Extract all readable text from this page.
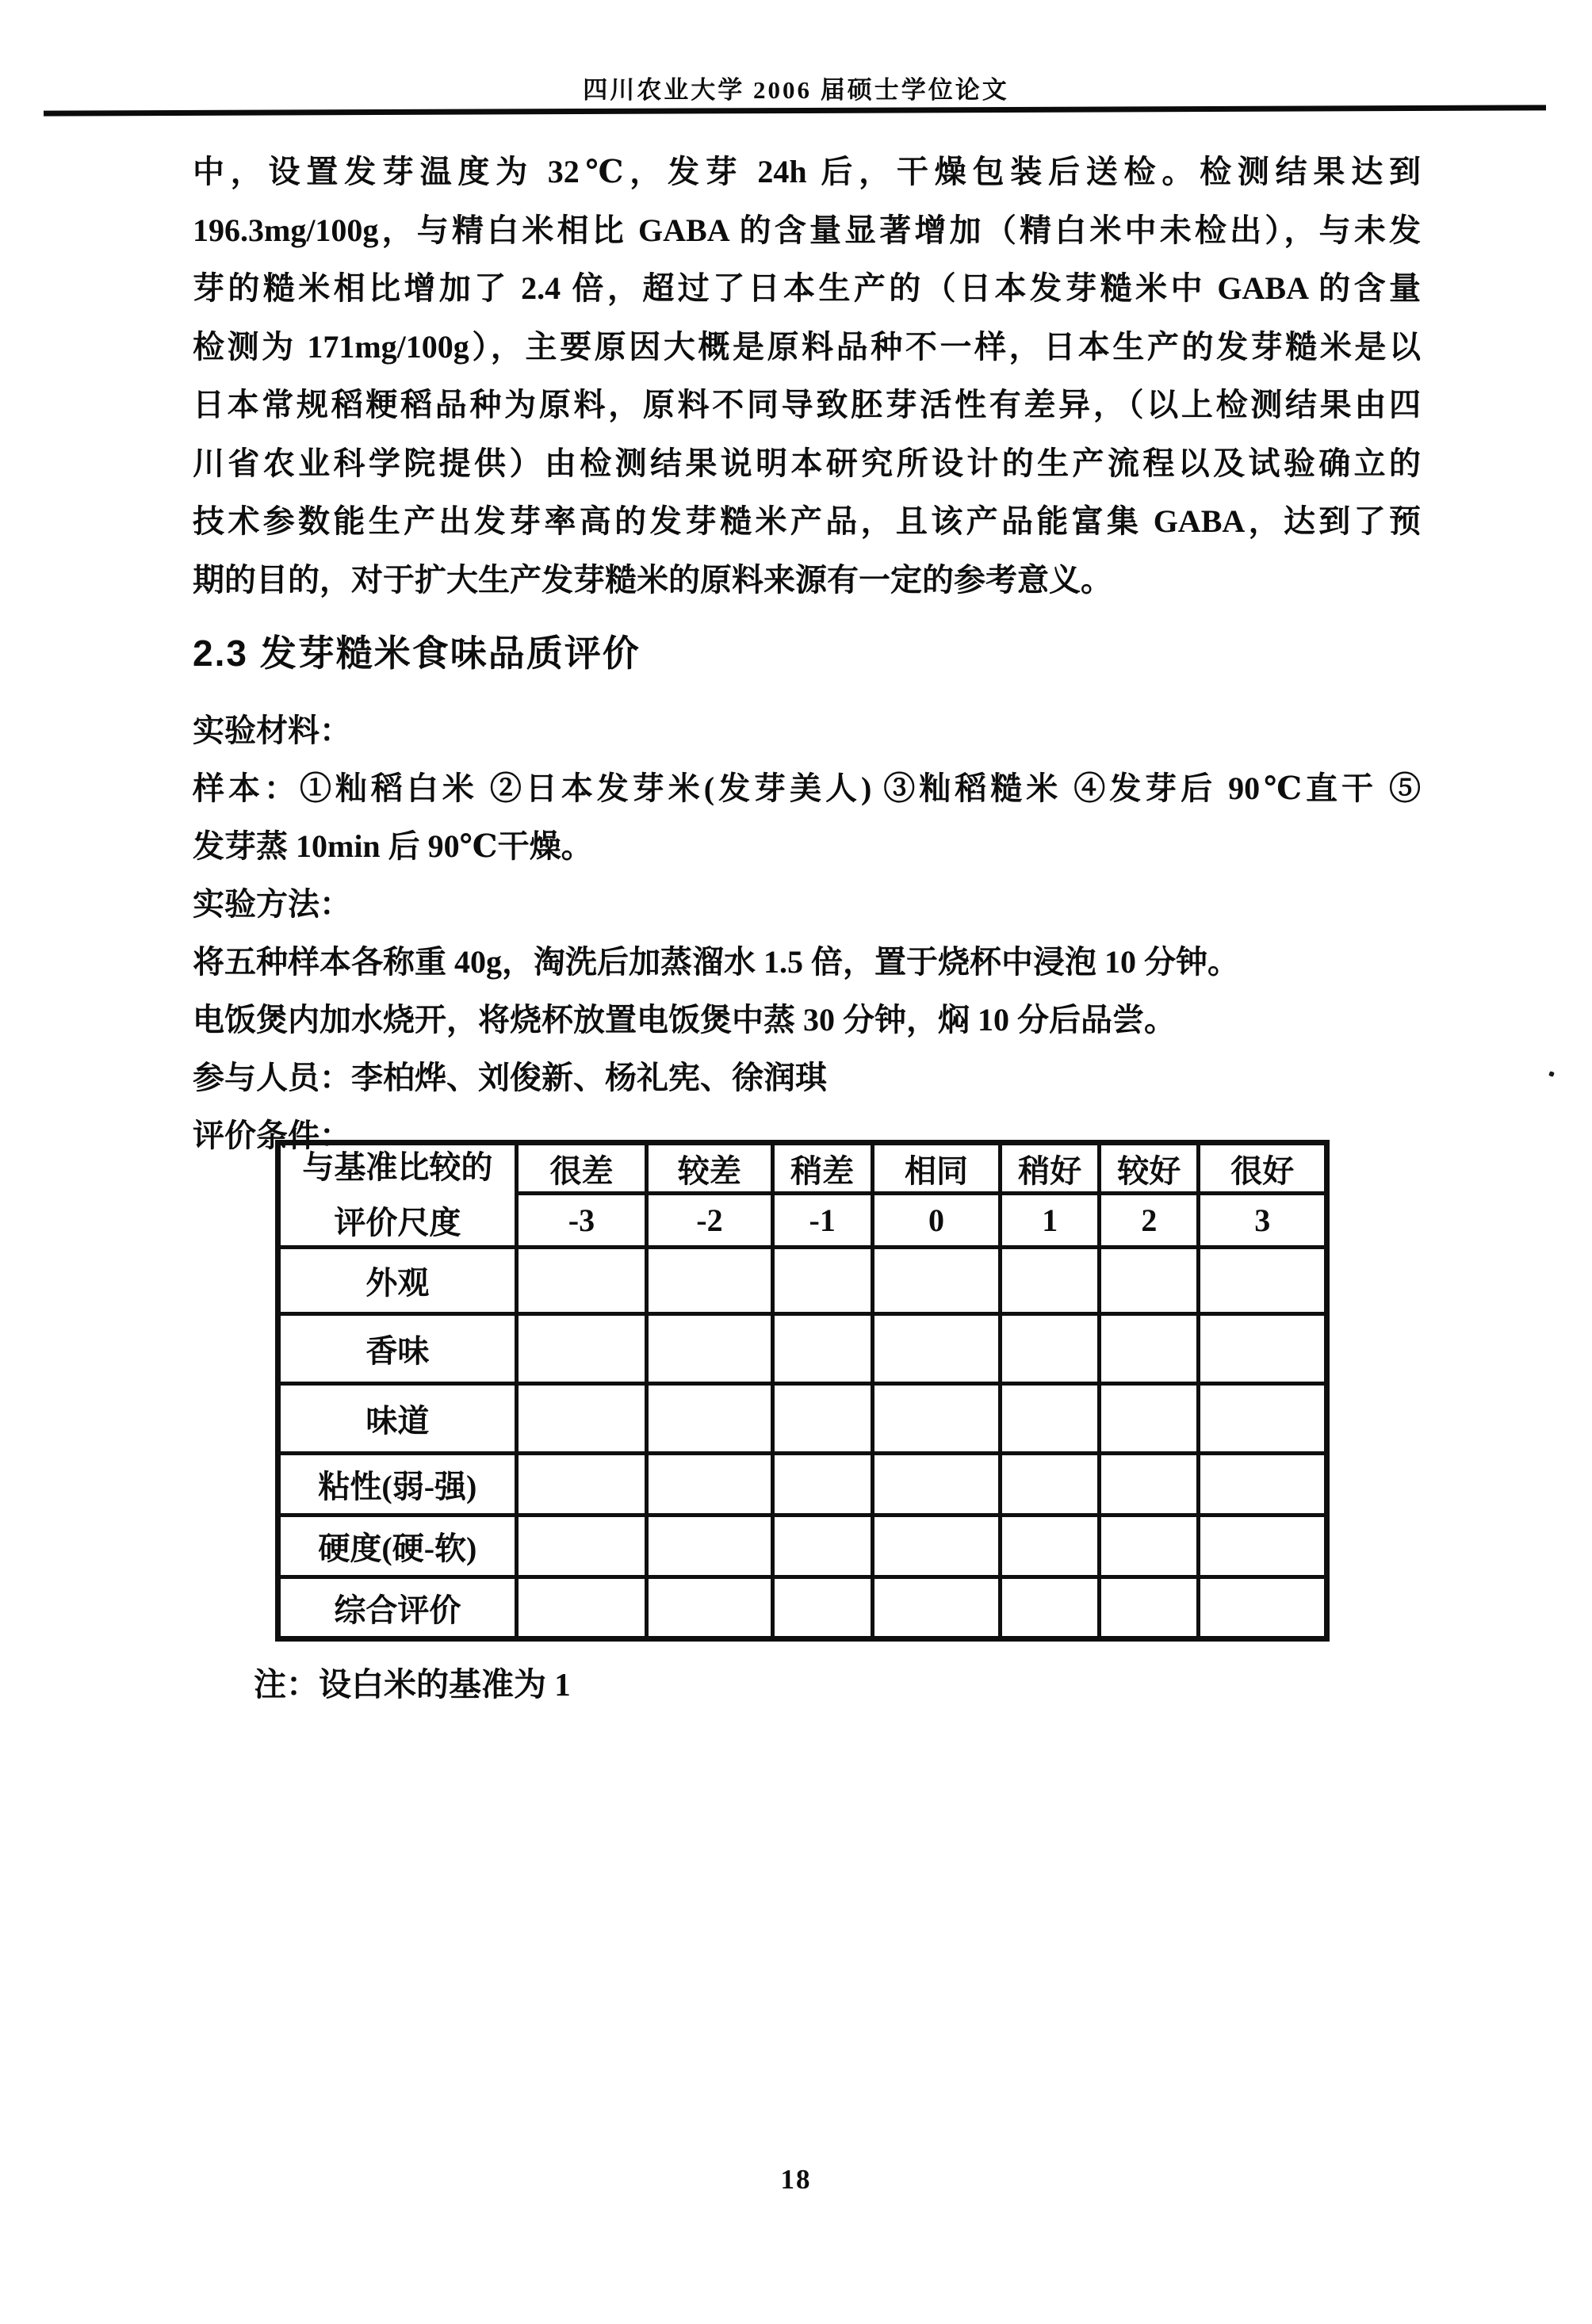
四川农业大学 2006 届硕士学位论文
中，设置发芽温度为 32℃，发芽 24h 后，干燥包装后送检。检测结果达到
196.3mg/100g，与精白米相比 GABA 的含量显著增加（精白米中未检出），与未发
芽的糙米相比增加了 2.4 倍，超过了日本生产的（日本发芽糙米中 GABA 的含量
检测为 171mg/100g），主要原因大概是原料品种不一样，日本生产的发芽糙米是以
日本常规稻粳稻品种为原料，原料不同导致胚芽活性有差异，（以上检测结果由四
川省农业科学院提供）由检测结果说明本研究所设计的生产流程以及试验确立的
技术参数能生产出发芽率高的发芽糙米产品，且该产品能富集 GABA，达到了预
期的目的，对于扩大生产发芽糙米的原料来源有一定的参考意义。
2.3 发芽糙米食味品质评价
实验材料：
样本：①籼稻白米 ②日本发芽米(发芽美人) ③籼稻糙米 ④发芽后 90℃直干 ⑤
发芽蒸 10min 后 90℃干燥。
实验方法：
将五种样本各称重 40g，淘洗后加蒸溜水 1.5 倍，置于烧杯中浸泡 10 分钟。
电饭煲内加水烧开，将烧杯放置电饭煲中蒸 30 分钟，焖 10 分后品尝。
参与人员：李柏烨、刘俊新、杨礼宪、徐润琪
评价条件：
与基准比较的
评价尺度	很差	较差	稍差	相同	稍好	较好	很好
	-3	-2	-1	0	1	2	3
外观							
香味							
味道							
粘性(弱-强)							
硬度(硬-软)							
综合评价							
注：设白米的基准为 1
18
